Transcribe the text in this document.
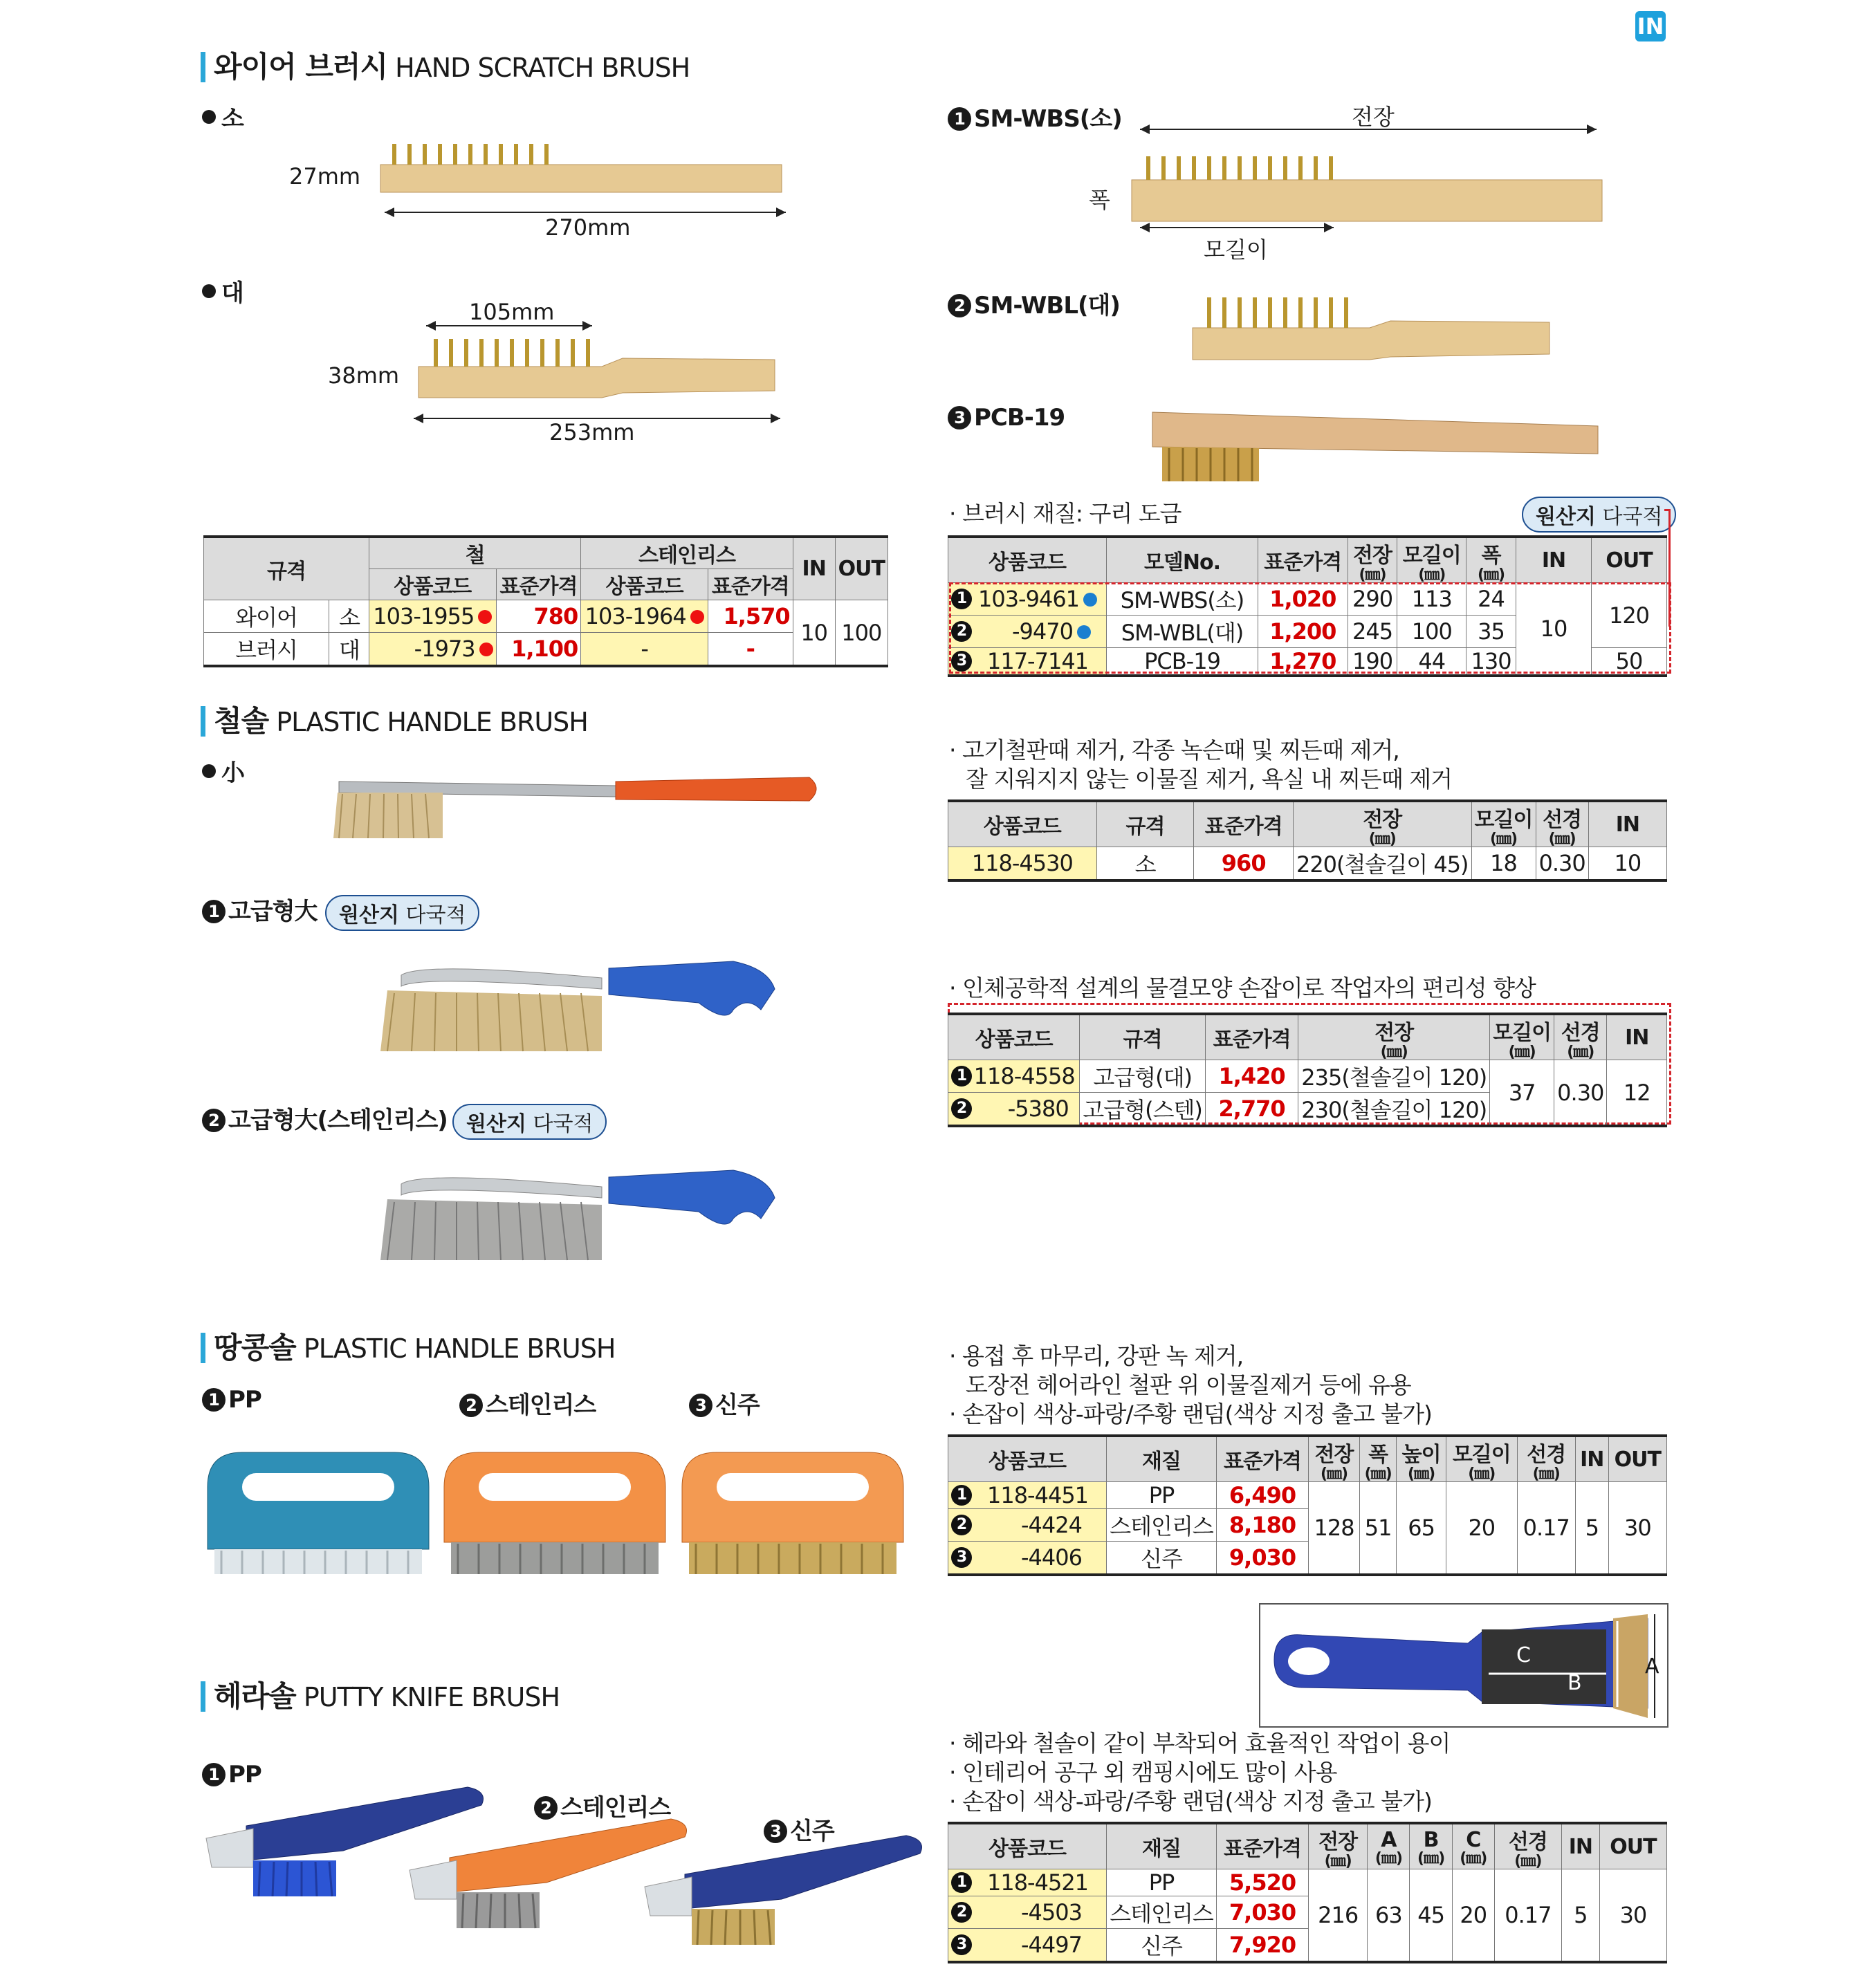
IN
와이어 브러시 HAND SCRATCH BRUSH
소
27mm
270mm
대
105mm
38mm
253mm
1 SM-WBS(소)	전장
폭
모길이
2 SM-WBL(대)
3 PCB-19
· 브러시 재질: 구리 도금	원산지 다국적
규격	철		스테인리스		IN	OUT
	상품코드	표준가격	상품코드	표준가격		
와이어 소	103-1955	780	103-1964	1,570	10	100
브러시 대	-1973	1,100	-	-		
상품코드	모델No.	표준가격	전장
(㎜)	모길이
(㎜)	폭
(㎜)	IN	OUT

1 103-9461	SM-WBS(소)	1,020	290	113	24	10	120

2 -9470	SM-WBL(대)	1,200	245	100	35		

3 117-7141	PCB-19	1,270	190	44	130		50
철솔 PLASTIC HANDLE BRUSH
小
1 고급형大	원산지 다국적
2 고급형大(스테인리스) 원산지 다국적
· 고기철판때 제거, 각종 녹슨때 및 찌든때 제거,
잘 지워지지 않는 이물질 제거, 욕실 내 찌든때 제거
상품코드	규격	표준가격	전장
(㎜)	모길이
(㎜)	선경
(㎜)	IN
118-4530	소	960	220(철솔길이 45)	18	0.30	10
· 인체공학적 설계의 물결모양 손잡이로 작업자의 편리성 향상
상품코드	규격	표준가격	전장
(㎜)	모길이
(㎜)	선경
(㎜)	IN

1 118-4558	고급형(대)	1,420	235(철솔길이 120)	37	0.30	12

2 -5380	고급형(스텐)	2,770	230(철솔길이 120)			
땅콩솔 PLASTIC HANDLE BRUSH
1 PP	2 스테인리스	3 신주
· 용접 후 마무리, 강판 녹 제거,
도장전 헤어라인 철판 위 이물질제거 등에 유용
· 손잡이 색상-파랑/주황 랜덤(색상 지정 출고 불가)
상품코드	재질	표준가격	전장
(㎜)	폭
(㎜)	높이
(㎜)	모길이
(㎜)	선경
(㎜)	IN	OUT

1 118-4451	PP	6,490	128	51	65	20	0.17	5	30

2 -4424	스테인리스	8,180							

3 -4406	신주	9,030							
헤라솔 PUTTY KNIFE BRUSH
1 PP
2 스테인리스
3 신주
C
B
A
· 헤라와 철솔이 같이 부착되어 효율적인 작업이 용이
· 인테리어 공구 외 캠핑시에도 많이 사용
· 손잡이 색상-파랑/주황 랜덤(색상 지정 출고 불가)
상품코드	재질	표준가격	전장
(㎜)	A
(㎜)	B
(㎜)	C
(㎜)	선경
(㎜)	IN	OUT

1 118-4521	PP	5,520	216	63	45	20	0.17	5	30

2 -4503	스테인리스	7,030							

3 -4497	신주	7,920							
